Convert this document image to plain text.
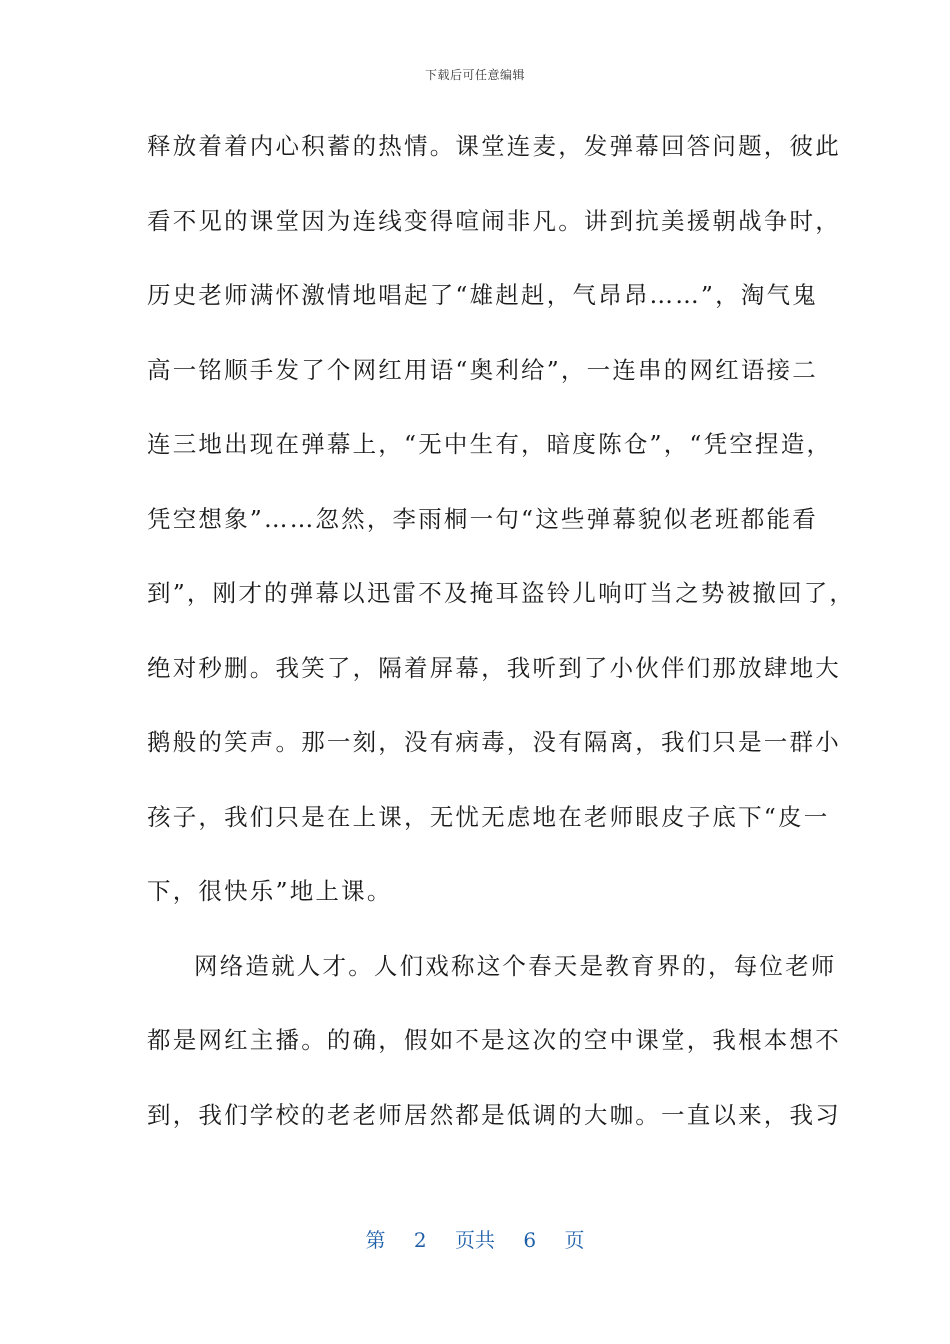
下载后可任意编辑
释放着着内心积蓄的热情。课堂连麦，发弹幕回答问题，彼此
看不见的课堂因为连线变得喧闹非凡。讲到抗美援朝战争时，
历史老师满怀激情地唱起了“雄赳赳，气昂昂……”，淘气鬼
高一铭顺手发了个网红用语“奥利给”，一连串的网红语接二
连三地出现在弹幕上，“无中生有，暗度陈仓”，“凭空捏造，
凭空想象”……忽然，李雨桐一句“这些弹幕貌似老班都能看
到”，刚才的弹幕以迅雷不及掩耳盗铃儿响叮当之势被撤回了，
绝对秒删。我笑了，隔着屏幕，我听到了小伙伴们那放肆地大
鹅般的笑声。那一刻，没有病毒，没有隔离，我们只是一群小
孩子，我们只是在上课，无忧无虑地在老师眼皮子底下“皮一
下，很快乐”地上课。
网络造就人才。人们戏称这个春天是教育界的，每位老师
都是网红主播。的确，假如不是这次的空中课堂，我根本想不
到，我们学校的老老师居然都是低调的大咖。一直以来，我习
第 2 页共 6 页
